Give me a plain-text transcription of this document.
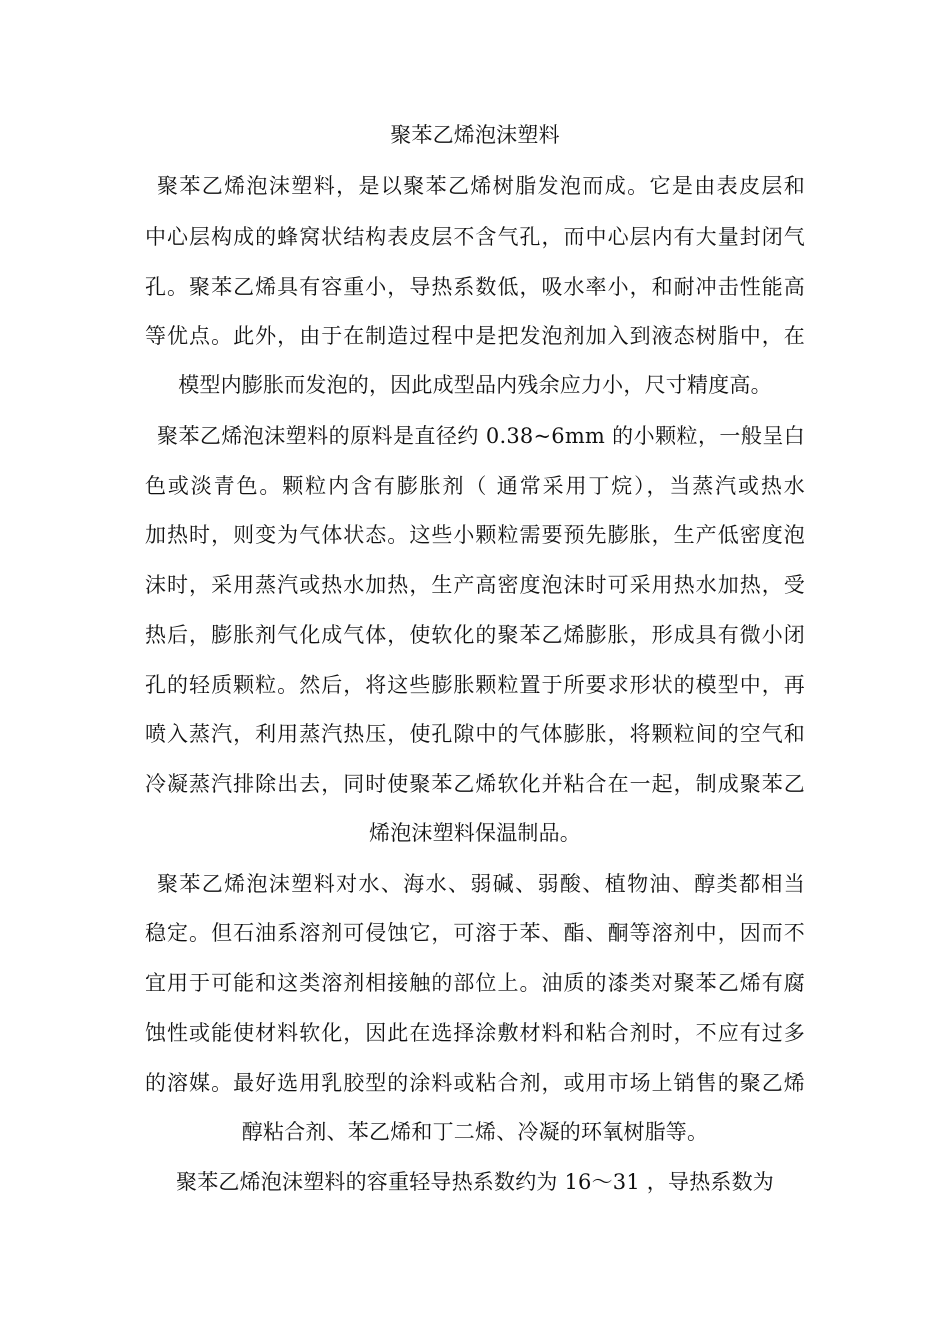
聚苯乙烯泡沫塑料
聚苯乙烯泡沫塑料，是以聚苯乙烯树脂发泡而成。它是由表皮层和
中心层构成的蜂窝状结构表皮层不含气孔，而中心层内有大量封闭气
孔。聚苯乙烯具有容重小，导热系数低，吸水率小，和耐冲击性能高
等优点。此外，由于在制造过程中是把发泡剂加入到液态树脂中，在
模型内膨胀而发泡的，因此成型品内残余应力小，尺寸精度高。
聚苯乙烯泡沫塑料的原料是直径约 0.38~6mm 的小颗粒，一般呈白
色或淡青色。颗粒内含有膨胀剂（ 通常采用丁烷），当蒸汽或热水
加热时，则变为气体状态。这些小颗粒需要预先膨胀，生产低密度泡
沫时，采用蒸汽或热水加热，生产高密度泡沫时可采用热水加热，受
热后，膨胀剂气化成气体，使软化的聚苯乙烯膨胀，形成具有微小闭
孔的轻质颗粒。然后，将这些膨胀颗粒置于所要求形状的模型中，再
喷入蒸汽，利用蒸汽热压，使孔隙中的气体膨胀，将颗粒间的空气和
冷凝蒸汽排除出去，同时使聚苯乙烯软化并粘合在一起，制成聚苯乙
烯泡沫塑料保温制品。
聚苯乙烯泡沫塑料对水、海水、弱碱、弱酸、植物油、醇类都相当
稳定。但石油系溶剂可侵蚀它，可溶于苯、酯、酮等溶剂中，因而不
宜用于可能和这类溶剂相接触的部位上。油质的漆类对聚苯乙烯有腐
蚀性或能使材料软化，因此在选择涂敷材料和粘合剂时，不应有过多
的溶媒。最好选用乳胶型的涂料或粘合剂，或用市场上销售的聚乙烯
醇粘合剂、苯乙烯和丁二烯、冷凝的环氧树脂等。
聚苯乙烯泡沫塑料的容重轻导热系数约为 16～31 ，导热系数为
